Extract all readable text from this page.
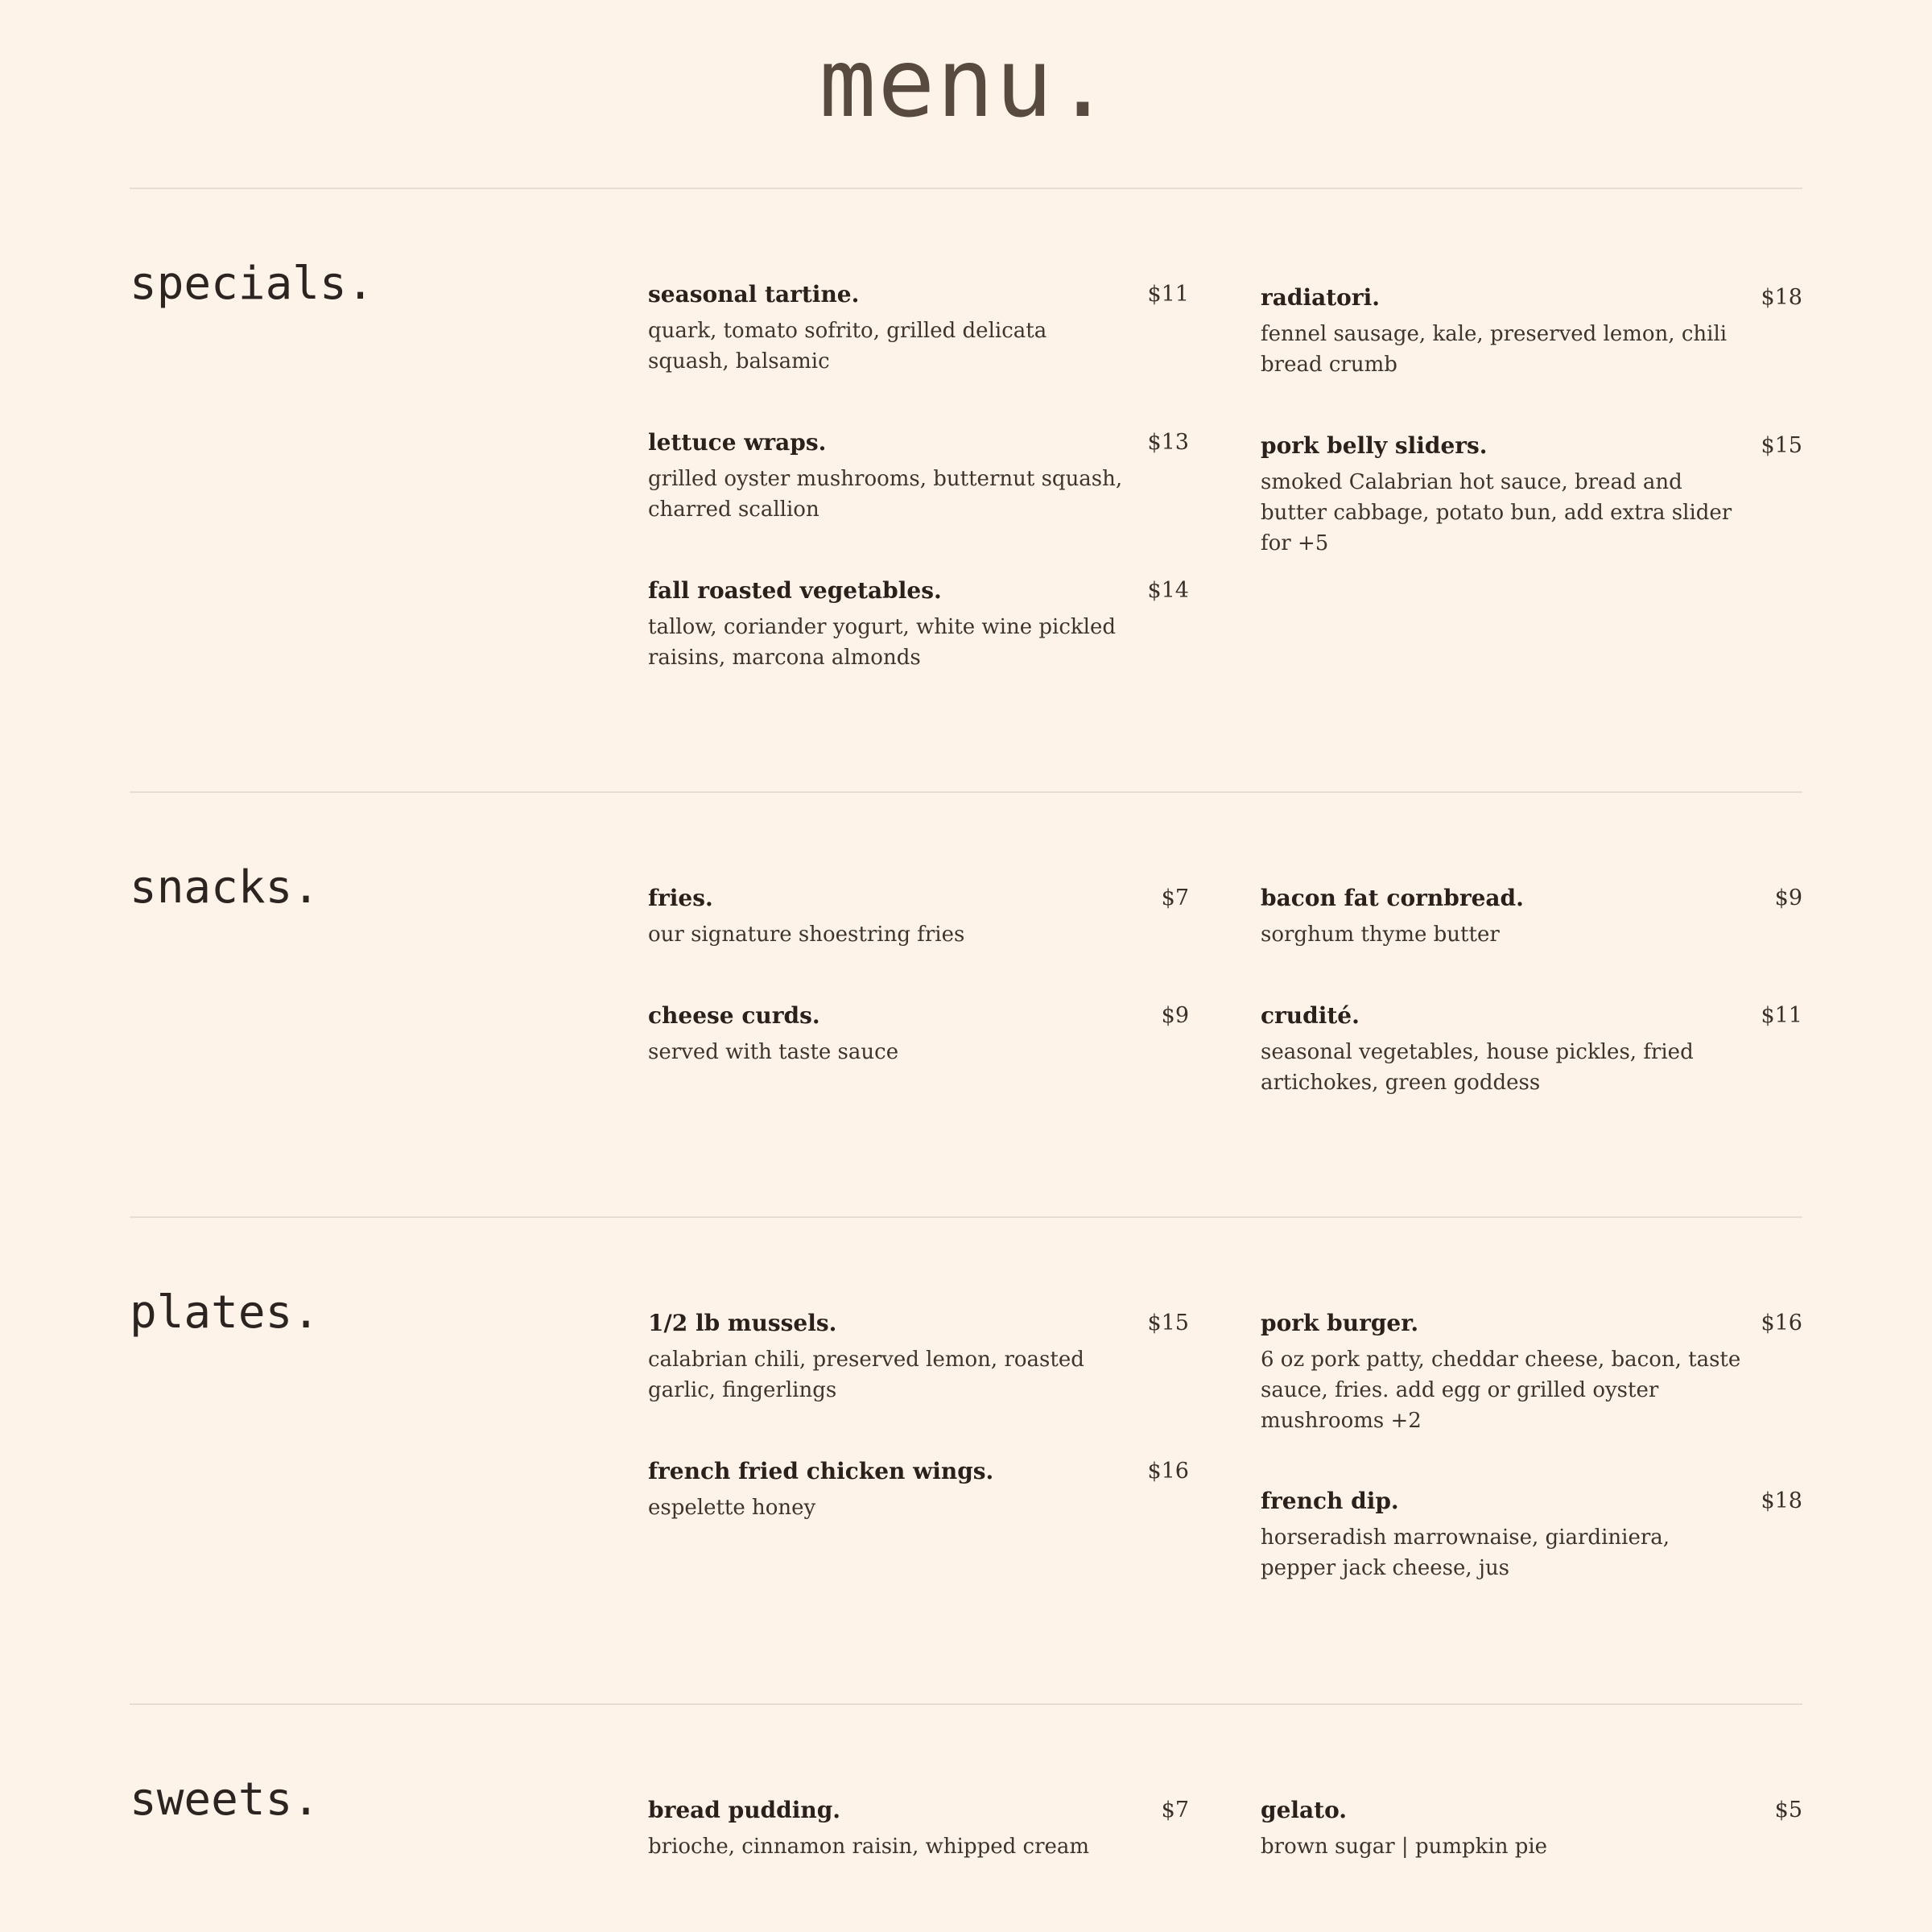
menu.
specials.	seasonal tartine.	$11
quark, tomato sofrito, grilled delicata squash, balsamic
lettuce wraps.	$13
grilled oyster mushrooms, butternut squash, charred scallion
fall roasted vegetables.	$14
tallow, coriander yogurt, white wine pickled raisins, marcona almonds
radiatori.	$18
fennel sausage, kale, preserved lemon, chili bread crumb
pork belly sliders.	$15
smoked Calabrian hot sauce, bread and butter cabbage, potato bun, add extra slider for +5
snacks.	fries.	$7
our signature shoestring fries
cheese curds.	$9
served with taste sauce
bacon fat cornbread.	$9
sorghum thyme butter
crudité.	$11
seasonal vegetables, house pickles, fried artichokes, green goddess
plates.	1/2 lb mussels.	$15
calabrian chili, preserved lemon, roasted garlic, fingerlings
french fried chicken wings.	$16
espelette honey
pork burger.	$16
6 oz pork patty, cheddar cheese, bacon, taste sauce, fries. add egg or grilled oyster mushrooms +2
french dip.	$18
horseradish marrownaise, giardiniera, pepper jack cheese, jus
sweets.	bread pudding.	$7
brioche, cinnamon raisin, whipped cream
gelato.	$5
brown sugar | pumpkin pie
